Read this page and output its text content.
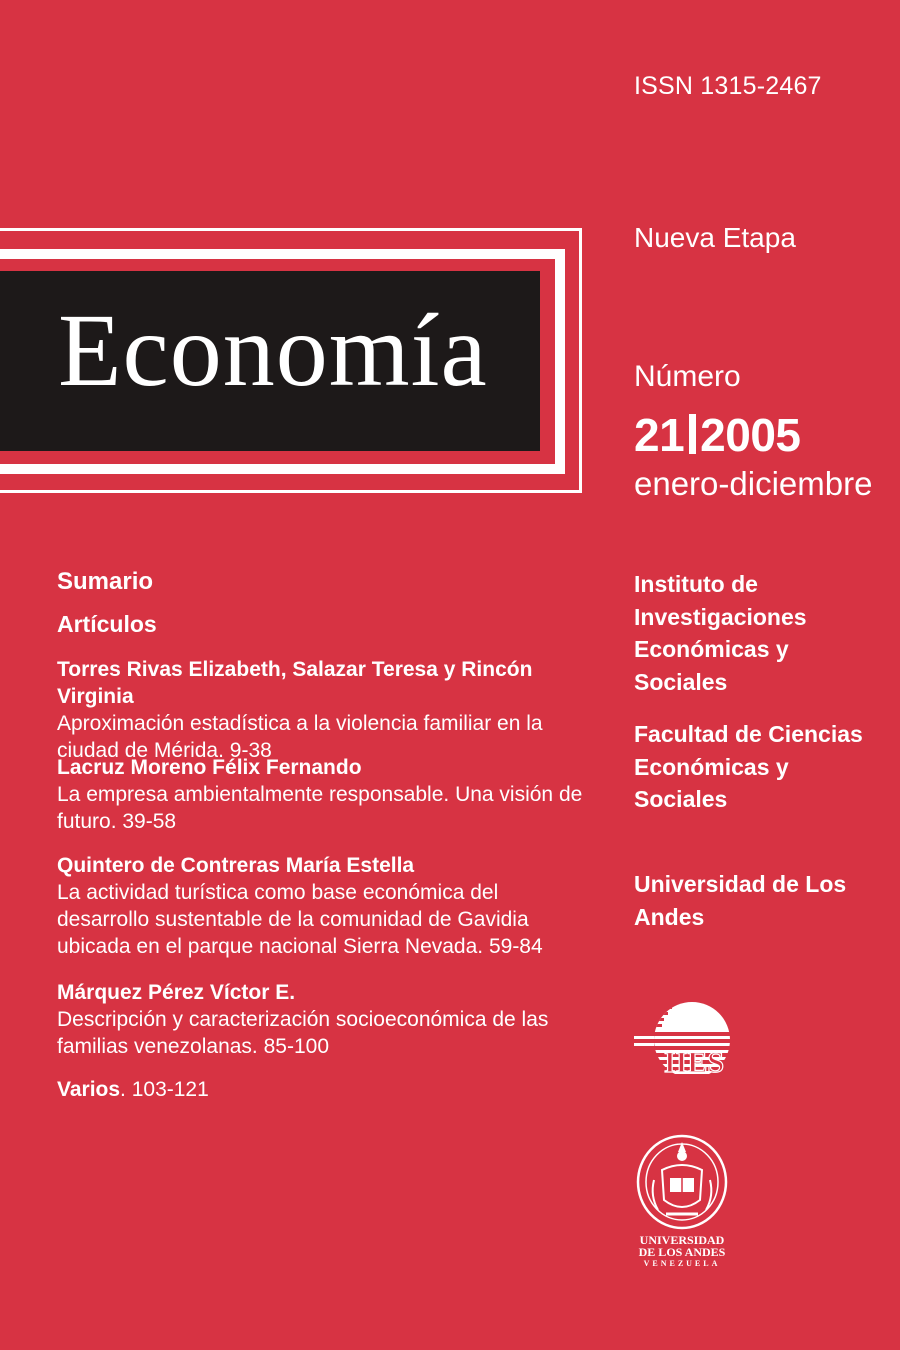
ISSN 1315-2467
Nueva Etapa
Economía	Número
21 2005
enero-diciembre
Sumario
Artículos
Torres Rivas Elizabeth, Salazar Teresa y Rincón Virginia
Aproximación estadística a la violencia familiar en la ciudad de Mérida. 9-38
Lacruz Moreno Félix Fernando
La empresa ambientalmente responsable. Una visión de futuro. 39-58
Quintero de Contreras María Estella
La actividad turística como base económica del desarrollo sustentable de la comunidad de Gavidia ubicada en el parque nacional Sierra Nevada. 59-84
Márquez Pérez Víctor E.
Descripción y caracterización socioeconómica de las familias venezolanas. 85-100
Varios. 103-121
Instituto de Investigaciones Económicas y Sociales
Facultad de Ciencias Económicas y Sociales
Universidad de Los Andes
IIES
UNIVERSIDAD
DE LOS ANDES
VENEZUELA
